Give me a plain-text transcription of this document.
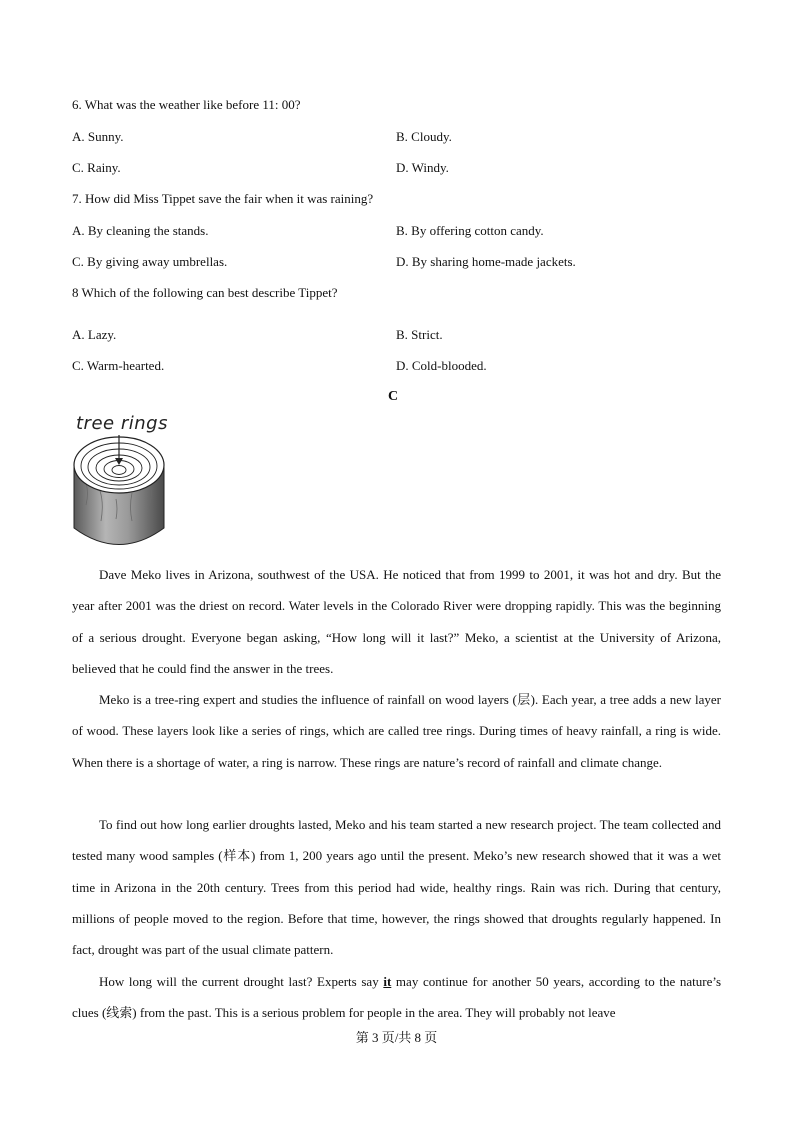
6. What was the weather like before 11: 00?
A. Sunny.	B. Cloudy.
C. Rainy.	D. Windy.
7. How did Miss Tippet save the fair when it was raining?
A. By cleaning the stands.	B. By offering cotton candy.
C. By giving away umbrellas.	D. By sharing home-made jackets.
8 Which of the following can best describe Tippet?
A. Lazy.	B. Strict.
C. Warm-hearted.	D. Cold-blooded.
C
tree rings

Dave Meko lives in Arizona, southwest of the USA. He noticed that from 1999 to 2001, it was hot and dry. But the year after 2001 was the driest on record. Water levels in the Colorado River were dropping rapidly. This was the beginning of a serious drought. Everyone began asking, “How long will it last?” Meko, a scientist at the University of Arizona, believed that he could find the answer in the trees.

Meko is a tree-ring expert and studies the influence of rainfall on wood layers (层). Each year, a tree adds a new layer of wood. These layers look like a series of rings, which are called tree rings. During times of heavy rainfall, a ring is wide. When there is a shortage of water, a ring is narrow. These rings are nature’s record of rainfall and climate change.

To find out how long earlier droughts lasted, Meko and his team started a new research project. The team collected and tested many wood samples (样本) from 1, 200 years ago until the present. Meko’s new research showed that it was a wet time in Arizona in the 20th century. Trees from this period had wide, healthy rings. Rain was rich. During that century, millions of people moved to the region. Before that time, however, the rings showed that droughts regularly happened. In fact, drought was part of the usual climate pattern.

How long will the current drought last? Experts say it may continue for another 50 years, according to the nature’s clues (线索) from the past. This is a serious problem for people in the area. They will probably not leave

第 3 页/共 8 页
